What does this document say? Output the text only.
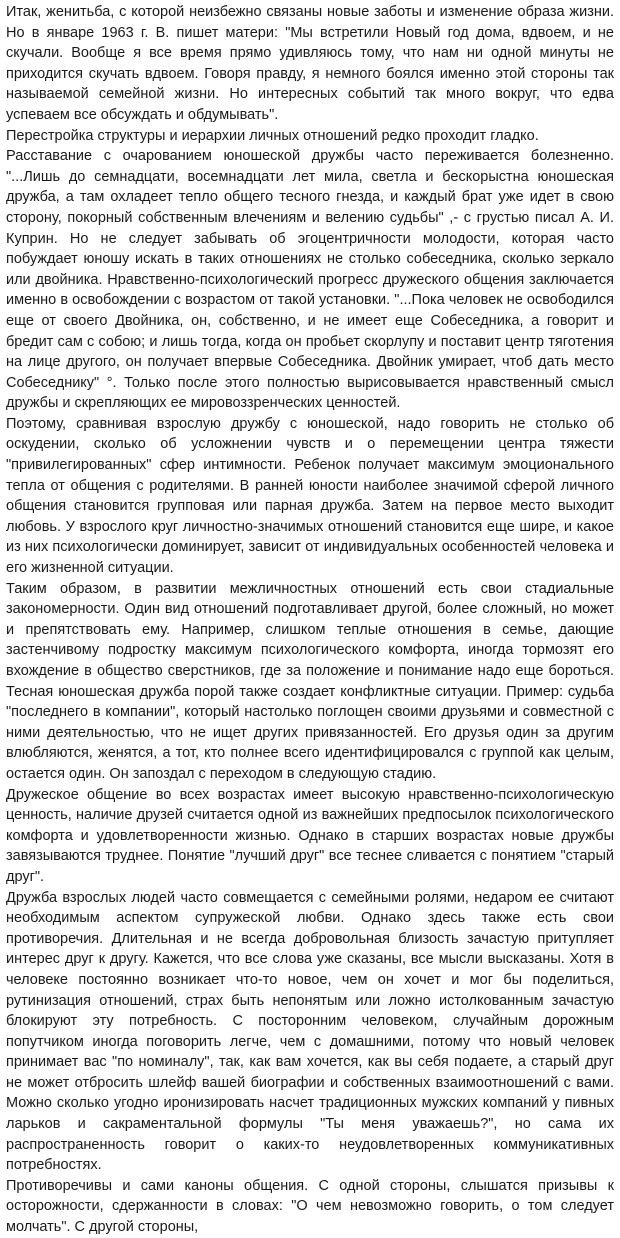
Итак, женитьба, с которой неизбежно связаны новые заботы и изменение образа жизни. Но в январе 1963 г. В. пишет матери: "Мы встретили Новый год дома, вдвоем, и не скучали. Вообще я все время прямо удивляюсь тому, что нам ни одной минуты не приходится скучать вдвоем. Говоря правду, я немного боялся именно этой стороны так называемой семейной жизни. Но интересных событий так много вокруг, что едва успеваем все обсуждать и обдумывать".

Перестройка структуры и иерархии личных отношений редко проходит гладко.

Расставание с очарованием юношеской дружбы часто переживается болезненно. "...Лишь до семнадцати, восемнадцати лет мила, светла и бескорыстна юношеская дружба, а там охладеет тепло общего тесного гнезда, и каждый брат уже идет в свою сторону, покорный собственным влечениям и велению судьбы" ,- с грустью писал А. И. Куприн. Но не следует забывать об эгоцентричности молодости, которая часто побуждает юношу искать в таких отношениях не столько собеседника, сколько зеркало или двойника. Нравственно-психологический прогресс дружеского общения заключается именно в освобождении с возрастом от такой установки. "...Пока человек не освободился еще от своего Двойника, он, собственно, и не имеет еще Собеседника, а говорит и бредит сам с собою; и лишь тогда, когда он пробьет скорлупу и поставит центр тяготения на лице другого, он получает впервые Собеседника. Двойник умирает, чтоб дать место Собеседнику" °. Только после этого полностью вырисовывается нравственный смысл дружбы и скрепляющих ее мировоззренческих ценностей.

Поэтому, сравнивая взрослую дружбу с юношеской, надо говорить не столько об оскудении, сколько об усложнении чувств и о перемещении центра тяжести "привилегированных" сфер интимности. Ребенок получает максимум эмоционального тепла от общения с родителями. В ранней юности наиболее значимой сферой личного общения становится групповая или парная дружба. Затем на первое место выходит любовь. У взрослого круг личностно-значимых отношений становится еще шире, и какое из них психологически доминирует, зависит от индивидуальных особенностей человека и его жизненной ситуации.

Таким образом, в развитии межличностных отношений есть свои стадиальные закономерности. Один вид отношений подготавливает другой, более сложный, но может и препятствовать ему. Например, слишком теплые отношения в семье, дающие застенчивому подростку максимум психологического комфорта, иногда тормозят его вхождение в общество сверстников, где за положение и понимание надо еще бороться. Тесная юношеская дружба порой также создает конфликтные ситуации. Пример: судьба "последнего в компании", который настолько поглощен своими друзьями и совместной с ними деятельностью, что не ищет других привязанностей. Его друзья один за другим влюбляются, женятся, а тот, кто полнее всего идентифицировался с группой как целым, остается один. Он запоздал с переходом в следующую стадию.

Дружеское общение во всех возрастах имеет высокую нравственно-психологическую ценность, наличие друзей считается одной из важнейших предпосылок психологического комфорта и удовлетворенности жизнью. Однако в старших возрастах новые дружбы завязываются труднее. Понятие "лучший друг" все теснее сливается с понятием "старый друг".

Дружба взрослых людей часто совмещается с семейными ролями, недаром ее считают необходимым аспектом супружеской любви. Однако здесь также есть свои противоречия. Длительная и не всегда добровольная близость зачастую притупляет интерес друг к другу. Кажется, что все слова уже сказаны, все мысли высказаны. Хотя в человеке постоянно возникает что-то новое, чем он хочет и мог бы поделиться, рутинизация отношений, страх быть непонятым или ложно истолкованным зачастую блокируют эту потребность. С посторонним человеком, случайным дорожным попутчиком иногда поговорить легче, чем с домашними, потому что новый человек принимает вас "по номиналу", так, как вам хочется, как вы себя подаете, а старый друг не может отбросить шлейф вашей биографии и собственных взаимоотношений с вами. Можно сколько угодно иронизировать насчет традиционных мужских компаний у пивных ларьков и сакраментальной формулы "Ты меня уважаешь?", но сама их распространенность говорит о каких-то неудовлетворенных коммуникативных потребностях.

Противоречивы и сами каноны общения. С одной стороны, слышатся призывы к осторожности, сдержанности в словах: "О чем невозможно говорить, о том следует молчать". С другой стороны,
